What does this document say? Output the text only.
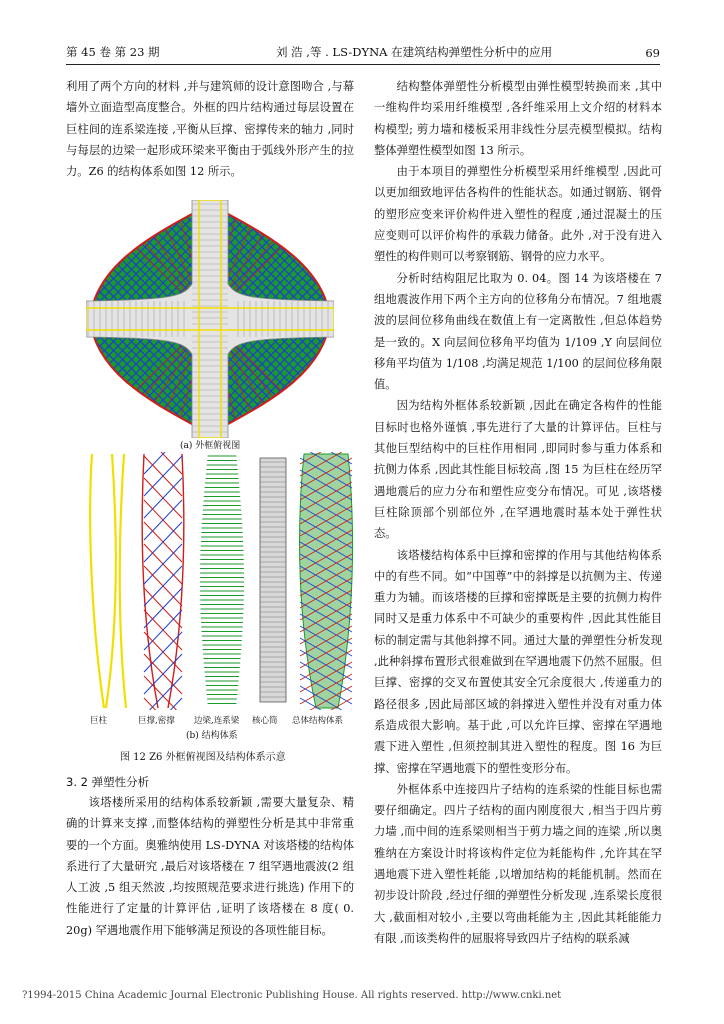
第 45 卷 第 23 期	刘 浩 ,等 . LS-DYNA 在建筑结构弹塑性分析中的应用	69

利用了两个方向的材料 ,并与建筑师的设计意图吻合 ,与幕墙外立面造型高度整合。外框的四片结构通过每层设置在巨柱间的连系梁连接 ,平衡从巨撑、密撑传来的轴力 ,同时与每层的边梁一起形成环梁来平衡由于弧线外形产生的拉力。Z6 的结构体系如图 12 所示。

(a) 外框俯视图
巨柱	巨撑,密撑 边梁,连系梁 核心筒 总体结构体系
(b) 结构体系
图 12 Z6 外框俯视图及结构体系示意
3. 2 弹塑性分析

该塔楼所采用的结构体系较新颖 ,需要大量复杂、精确的计算来支撑 ,而整体结构的弹塑性分析是其中非常重要的一个方面。奥雅纳使用 LS-DYNA 对该塔楼的结构体系进行了大量研究 ,最后对该塔楼在 7 组罕遇地震波(2 组人工波 ,5 组天然波 ,均按照规范要求进行挑选) 作用下的性能进行了定量的计算评估 ,证明了该塔楼在 8 度( 0. 20g) 罕遇地震作用下能够满足预设的各项性能目标。

结构整体弹塑性分析模型由弹性模型转换而来 ,其中一维构件均采用纤维模型 ,各纤维采用上文介绍的材料本构模型; 剪力墙和楼板采用非线性分层壳模型模拟。结构整体弹塑性模型如图 13 所示。

由于本项目的弹塑性分析模型采用纤维模型 ,因此可以更加细致地评估各构件的性能状态。如通过钢筋、钢骨的塑形应变来评价构件进入塑性的程度 ,通过混凝土的压应变则可以评价构件的承载力储备。此外 ,对于没有进入塑性的构件则可以考察钢筋、钢骨的应力水平。

分析时结构阻尼比取为 0. 04。图 14 为该塔楼在 7 组地震波作用下两个主方向的位移角分布情况。7 组地震波的层间位移角曲线在数值上有一定离散性 ,但总体趋势是一致的。X 向层间位移角平均值为 1/109 ,Y 向层间位移角平均值为 1/108 ,均满足规范 1/100 的层间位移角限值。

因为结构外框体系较新颖 ,因此在确定各构件的性能目标时也格外谨慎 ,事先进行了大量的计算评估。巨柱与其他巨型结构中的巨柱作用相同 ,即同时参与重力体系和抗侧力体系 ,因此其性能目标较高 ,图 15 为巨柱在经历罕遇地震后的应力分布和塑性应变分布情况。可见 ,该塔楼巨柱除顶部个别部位外 ,在罕遇地震时基本处于弹性状态。

该塔楼结构体系中巨撑和密撑的作用与其他结构体系中的有些不同。如“中国尊”中的斜撑是以抗侧为主、传递重力为辅。而该塔楼的巨撑和密撑既是主要的抗侧力构件同时又是重力体系中不可缺少的重要构件 ,因此其性能目标的制定需与其他斜撑不同。通过大量的弹塑性分析发现 ,此种斜撑布置形式很难做到在罕遇地震下仍然不屈服。但巨撑、密撑的交叉布置使其安全冗余度很大 ,传递重力的路径很多 ,因此局部区域的斜撑进入塑性并没有对重力体系造成很大影响。基于此 ,可以允许巨撑、密撑在罕遇地震下进入塑性 ,但须控制其进入塑性的程度。图 16 为巨撑、密撑在罕遇地震下的塑性变形分布。

外框体系中连接四片子结构的连系梁的性能目标也需要仔细确定。四片子结构的面内刚度很大 ,相当于四片剪力墙 ,而中间的连系梁则相当于剪力墙之间的连梁 ,所以奥雅纳在方案设计时将该构件定位为耗能构件 ,允许其在罕遇地震下进入塑性耗能 ,以增加结构的耗能机制。然而在初步设计阶段 ,经过仔细的弹塑性分析发现 ,连系梁长度很大 ,截面相对较小 ,主要以弯曲耗能为主 ,因此其耗能能力有限 ,而该类构件的屈服将导致四片子结构的联系减

?1994-2015 China Academic Journal Electronic Publishing House. All rights reserved. http://www.cnki.net
